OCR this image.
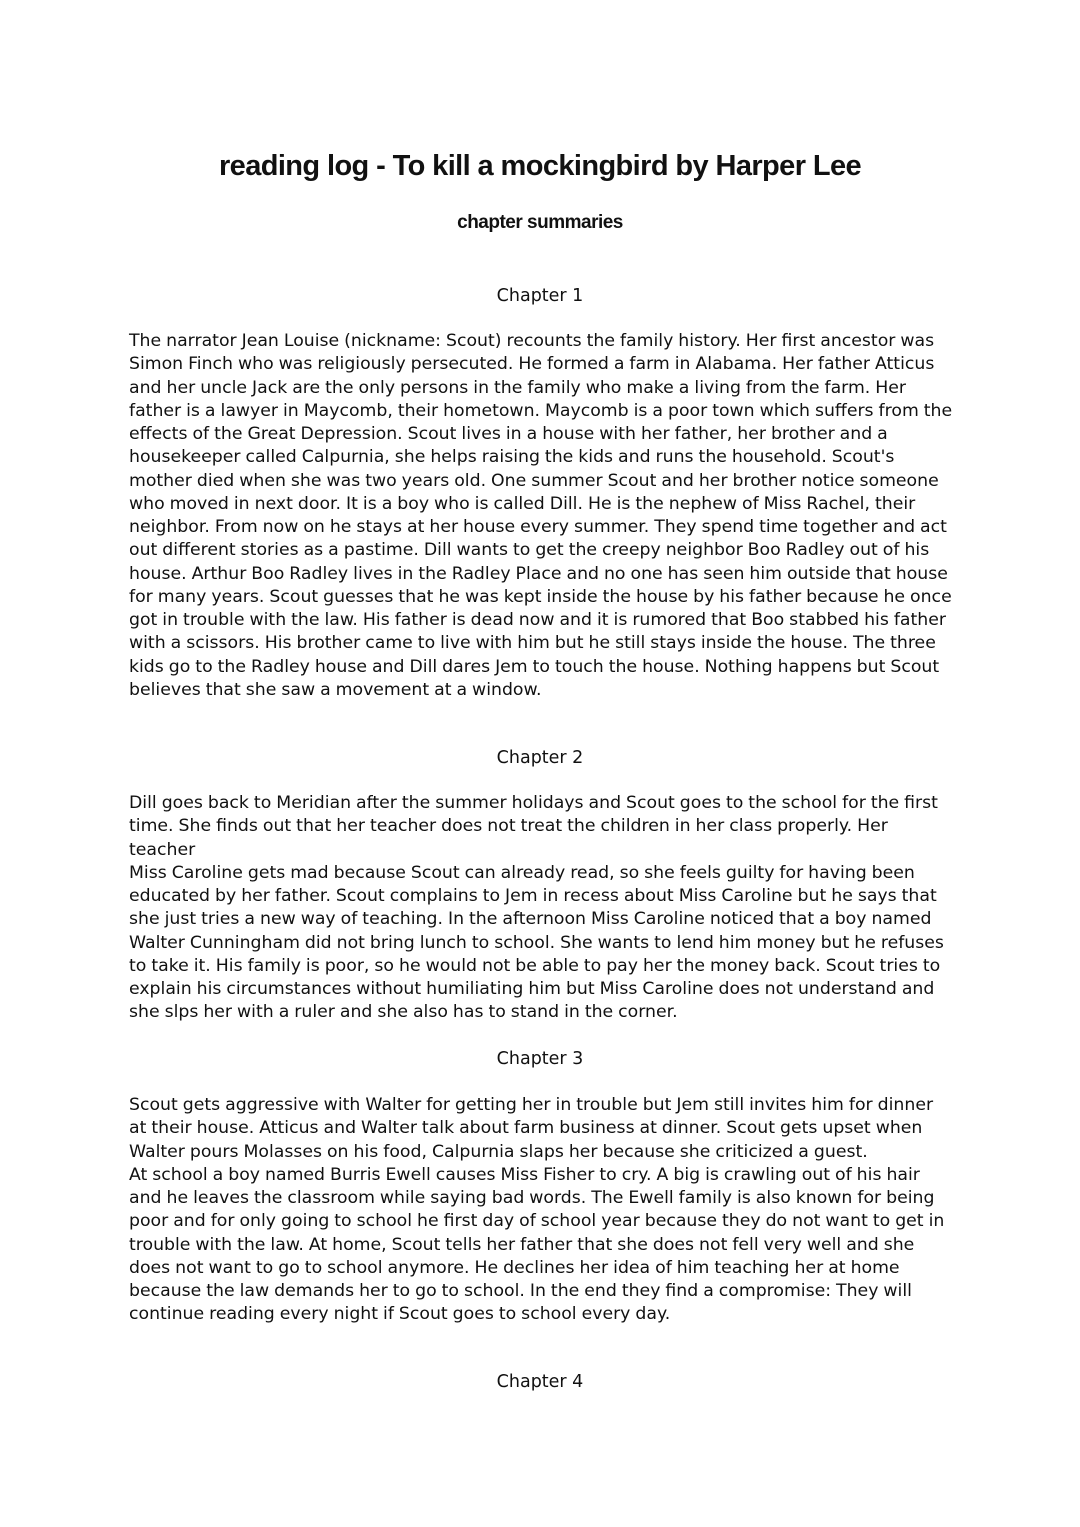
reading log - To kill a mockingbird by Harper Lee
chapter summaries
Chapter 1

The narrator Jean Louise (nickname: Scout) recounts the family history. Her first ancestor was
Simon Finch who was religiously persecuted. He formed a farm in Alabama. Her father Atticus
and her uncle Jack are the only persons in the family who make a living from the farm. Her
father is a lawyer in Maycomb, their hometown. Maycomb is a poor town which suffers from the
effects of the Great Depression. Scout lives in a house with her father, her brother and a
housekeeper called Calpurnia, she helps raising the kids and runs the household. Scout's
mother died when she was two years old. One summer Scout and her brother notice someone
who moved in next door. It is a boy who is called Dill. He is the nephew of Miss Rachel, their
neighbor. From now on he stays at her house every summer. They spend time together and act
out different stories as a pastime. Dill wants to get the creepy neighbor Boo Radley out of his
house. Arthur Boo Radley lives in the Radley Place and no one has seen him outside that house
for many years. Scout guesses that he was kept inside the house by his father because he once
got in trouble with the law. His father is dead now and it is rumored that Boo stabbed his father
with a scissors. His brother came to live with him but he still stays inside the house. The three
kids go to the Radley house and Dill dares Jem to touch the house. Nothing happens but Scout
believes that she saw a movement at a window.

Chapter 2

Dill goes back to Meridian after the summer holidays and Scout goes to the school for the first
time. She finds out that her teacher does not treat the children in her class properly. Her teacher
Miss Caroline gets mad because Scout can already read, so she feels guilty for having been
educated by her father. Scout complains to Jem in recess about Miss Caroline but he says that
she just tries a new way of teaching. In the afternoon Miss Caroline noticed that a boy named
Walter Cunningham did not bring lunch to school. She wants to lend him money but he refuses
to take it. His family is poor, so he would not be able to pay her the money back. Scout tries to
explain his circumstances without humiliating him but Miss Caroline does not understand and
she slps her with a ruler and she also has to stand in the corner.

Chapter 3

Scout gets aggressive with Walter for getting her in trouble but Jem still invites him for dinner
at their house. Atticus and Walter talk about farm business at dinner. Scout gets upset when
Walter pours Molasses on his food, Calpurnia slaps her because she criticized a guest.
At school a boy named Burris Ewell causes Miss Fisher to cry. A big is crawling out of his hair
and he leaves the classroom while saying bad words. The Ewell family is also known for being
poor and for only going to school he first day of school year because they do not want to get in
trouble with the law. At home, Scout tells her father that she does not fell very well and she
does not want to go to school anymore. He declines her idea of him teaching her at home
because the law demands her to go to school. In the end they find a compromise: They will
continue reading every night if Scout goes to school every day.

Chapter 4
